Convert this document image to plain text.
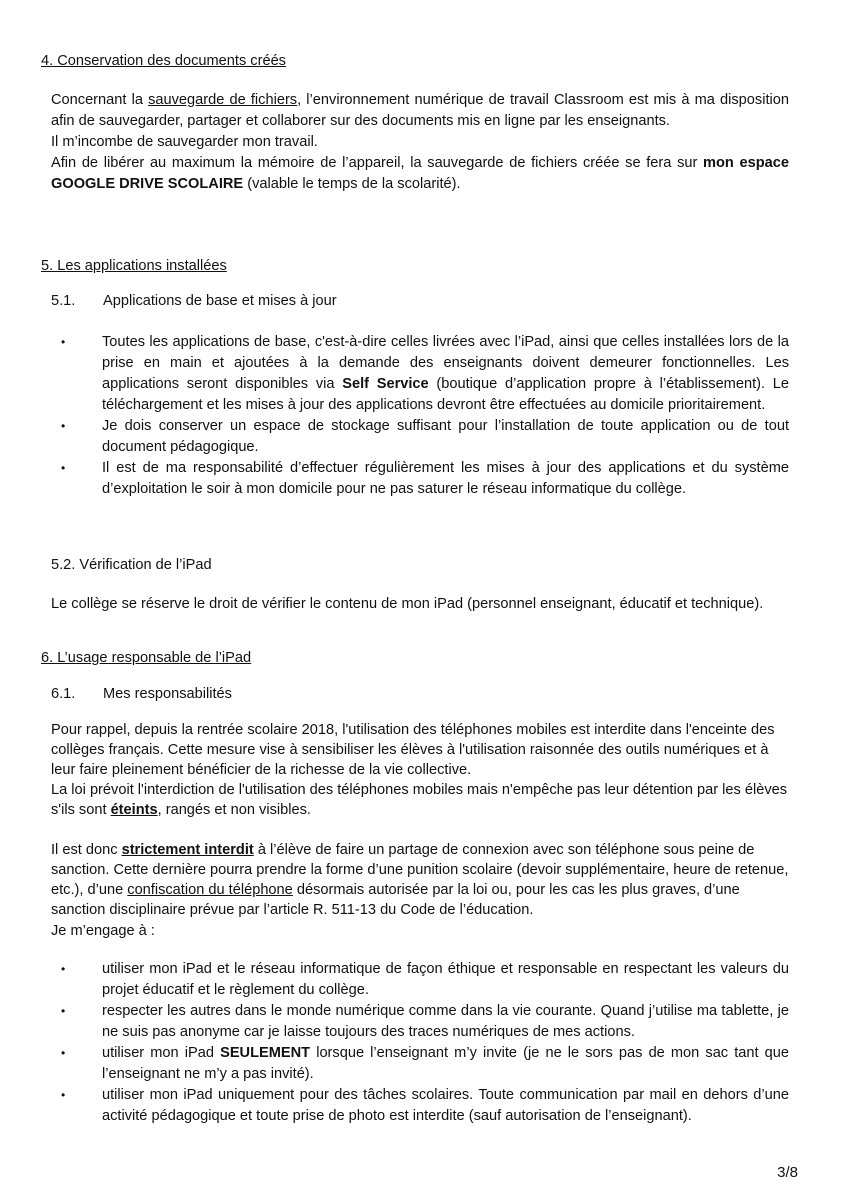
4. Conservation des documents créés

Concernant la sauvegarde de fichiers, l’environnement numérique de travail Classroom est mis à ma disposition afin de sauvegarder, partager et collaborer sur des documents mis en ligne par les enseignants.

Il m’incombe de sauvegarder mon travail.

Afin de libérer au maximum la mémoire de l’appareil, la sauvegarde de fichiers créée se fera sur mon espace GOOGLE DRIVE SCOLAIRE (valable le temps de la scolarité).

5. Les applications installées
5.1. Applications de base et mises à jour
•	Toutes les applications de base, c'est-à-dire celles livrées avec l’iPad, ainsi que celles installées lors de la prise en main et ajoutées à la demande des enseignants doivent demeurer fonctionnelles. Les applications seront disponibles via Self Service (boutique d’application propre à l’établissement). Le téléchargement et les mises à jour des applications devront être effectuées au domicile prioritairement.
•	Je dois conserver un espace de stockage suffisant pour l’installation de toute application ou de tout document pédagogique.
•	Il est de ma responsabilité d’effectuer régulièrement les mises à jour des applications et du système d’exploitation le soir à mon domicile pour ne pas saturer le réseau informatique du collège.
5.2. Vérification de l’iPad
Le collège se réserve le droit de vérifier le contenu de mon iPad (personnel enseignant, éducatif et technique).
6. L’usage responsable de l’iPad
6.1. Mes responsabilités

Pour rappel, depuis la rentrée scolaire 2018, l'utilisation des téléphones mobiles est interdite dans l'enceinte des collèges français. Cette mesure vise à sensibiliser les élèves à l'utilisation raisonnée des outils numériques et à leur faire pleinement bénéficier de la richesse de la vie collective.

La loi prévoit l'interdiction de l'utilisation des téléphones mobiles mais n'empêche pas leur détention par les élèves s'ils sont éteints, rangés et non visibles.

Il est donc strictement interdit à l’élève de faire un partage de connexion avec son téléphone sous peine de sanction. Cette dernière pourra prendre la forme d’une punition scolaire (devoir supplémentaire, heure de retenue, etc.), d’une confiscation du téléphone désormais autorisée par la loi ou, pour les cas les plus graves, d’une sanction disciplinaire prévue par l’article R. 511-13 du Code de l’éducation.

Je m’engage à :
•	utiliser mon iPad et le réseau informatique de façon éthique et responsable en respectant les valeurs du projet éducatif et le règlement du collège.
•	respecter les autres dans le monde numérique comme dans la vie courante. Quand j’utilise ma tablette, je ne suis pas anonyme car je laisse toujours des traces numériques de mes actions.
•	utiliser mon iPad SEULEMENT lorsque l’enseignant m’y invite (je ne le sors pas de mon sac tant que l’enseignant ne m’y a pas invité).
•	utiliser mon iPad uniquement pour des tâches scolaires. Toute communication par mail en dehors d’une activité pédagogique et toute prise de photo est interdite (sauf autorisation de l’enseignant).
3/8
